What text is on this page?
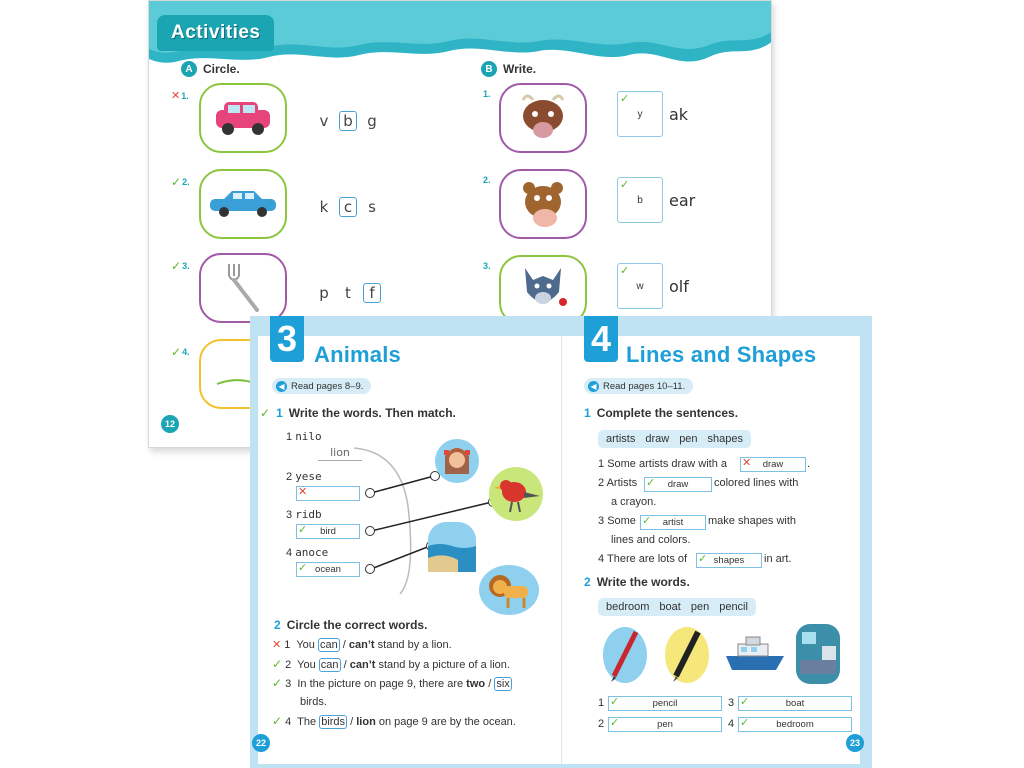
Activities
A Circle.	B Write.
✕ 1.
v b g
✓ 2.
k	c	s
✓ 3.
p	t	f
✓ 4.
1.	✓
y ak
2.	✓
b ear
3.	✓
w olf
12
3 Animals
◀ Read pages 8–9.
✓ 1 Write the words. Then match.
1 nilo
lion
2 yese
✕
3 ridb
✓ bird
4 anoce
✓ ocean
2 Circle the correct words.
✕ 1 You can / can’t stand by a lion.
✓ 2 You can / can’t stand by a picture of a lion.
✓ 3 In the picture on page 9, there are two / six
birds.
✓ 4 The birds / lion on page 9 are by the ocean.
22
4 Lines and Shapes
◀ Read pages 10–11.
1 Complete the sentences.
artists draw pen shapes
1 Some artists draw with a ✕ draw .
2 Artists ✓ draw colored lines with
a crayon.
3 Some ✓ artist make shapes with
lines and colors.
4 There are lots of ✓ shapes in art.
2 Write the words.
bedroom boat pen pencil
1 ✓	pencil	3 ✓	boat
2 ✓	pen	4 ✓	bedroom
23
